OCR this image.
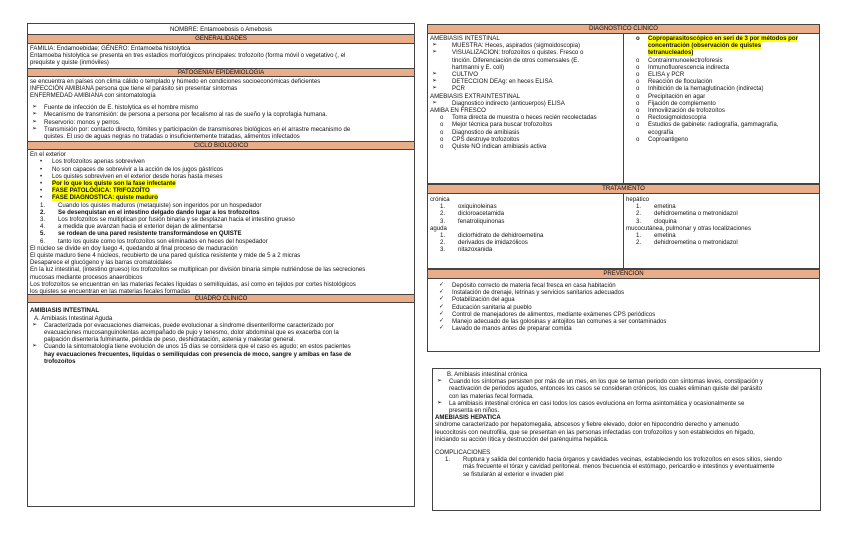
NOMBRE: Entamoebosis o Amebosis
GENERALIDADES
FAMILIA: Endamoebidae; GÉNERO: Entamoeba histolytica
Entamoeba histolytica se presenta en tres estadios morfológicos principales: trofozoíto (forma móvil o vegetativo (, el
prequiste y quiste (inmóviles)
PATOGENIA/ EPIDEMIOLOGIA
se encuentra en países con clima cálido o templado y húmedo en condiciones socioeconómicas deficientes
INFECCIÓN AMIBIANA persona que tiene el parásito sin presentar síntomas
ENFERMEDAD AMIBIANA con sintomatología
➢ Fuente de infección de E. histolytica es el hombre mismo
➢ Mecanismo de transmisión: de persona a persona por fecalismo al ras de sueño y la coprofagia humana.
➢ Reservorio: monos y perros.
➢ Transmisión por: contacto directo, fómites y participación de transmisores biológicos en el arrastre mecanismo de
quistes. El uso de aguas negras no tratadas o insuficientemente tratadas, alimentos infectados
CICLO BIOLOGICO
En el exterior
• Los trofozoítos apenas sobreviven
• No son capaces de sobrevivir a la acción de los jugos gástricos
• Los quistes sobreviven en el exterior desde horas hasta meses
• Por lo que los quiste son la fase infectante
• FASE PATOLÓGICA: TRIFOZOÍTO
• FASE DIAGNOSTICA: quiste maduro
1. Cuando los quistes maduros (metaquiste) son ingeridos por un hospedador
2. Se desenquistan en el intestino delgado dando lugar a los trofozoítos
3. Los trofozoítos se multiplican por fusión binaria y se desplazan hacia el intestino grueso
4. a medida que avanzan hacia el exterior dejan de alimentarse
5. se rodean de una pared resistente transformándose en QUISTE
6. tanto los quiste como los trofozoítos son eliminados en heces del hospedador
El núcleo se divide en doy luego 4, quedando al final proceso de maduración
El quiste maduro tiene 4 núcleos, recubierto de una pared quística resistente y mide de 5 a 2 micras
Desaparece el glucógeno y las barras cromatoidales
En la luz intestinal, (intestino grueso) los trofozoítos se multiplican por división binaria simple nutriéndose de las secreciones
mucosas mediante procesos anaeróbicos
Los trofozoítos se encuentran en las materias fecales líquidas o semilíquidas, así como en tejidos por cortes histológicos
los quistes se encuentran en las materias fecales formadas
CUADRO CLÍNICO
AMIBIASIS INTESTINAL
A. Amibiasis Intestinal Aguda
➢ Caracterizada por evacuaciones diarreicas, puede evolucionar a síndrome disenteriforme caracterizado por
evacuaciones mucosanguinolentas acompañado de pujo y tenesmo, dolor abdominal que es exacerba con la
palpación disentería fulminante, pérdida de peso, deshidratación, astenia y malestar general.
➢ Cuando la sintomatología tiene evolución de unos 15 días se considera que el caso es agudo; en estos pacientes
hay evacuaciones frecuentes, líquidas o semilíquidas con presencia de moco, sangre y amibas en fase de
trofozoítos
DIAGNÓSTICO CLÍNICO
AMEBIASIS INTESTINAL
➢ MUESTRA: Heces, aspirados (sigmoidoscopia)
➢ VISUALIZACION: trofozoítos o quistes. Fresco o
tinción. Diferenciación de otros comensales (E.
hartmanni y E. coli)
➢ CULTIVO
➢ DETECCION DEAg: en heces ELISA
➢ PCR
AMEBIASIS EXTRAINTESTINAL
➢ Diagnostico indirecto (anticuerpos) ELISA
AMIBA EN FRESCO
o Toma directa de muestra o heces recién recolectadas
o Mejor técnica para buscar trofozoítos
o Diagnostico de amibiasis
o CPS destruye trofozoitos
o Quiste NO indican amibiasis activa
o Coproparasitoscópico en seri de 3 por métodos por
concentración (observación de quistes
tetranucleados)
o Contrainmunoelectroforesis
o Inmunofluorescencia indirecta
o ELISA y PCR
o Reacción de floculación
o Inhibición de la hemaglutinación (indirecta)
o Precipitación en agar
o Fijación de complemento
o Inmovilización de trofozoítos
o Rectosigmoidoscopía
o Estudios de gabinete: radiografía, gammagrafía,
ecografía
o Coproantigeno
TRATAMIENTO
crónica
1. oxiquinoleinas
2. dicloroacetamida
3. fenatroliquinonas
aguda
1. diclorhidrato de dehidroemetina
2. derivados de imidazólicos
3. nitazoxanida
hepático
1. emetina
2. dehidroemetina o metronidazol
3. cloquina
mucocutánea, pulmonar y otras localizaciones
1. emetina
2. dehidroemetina o metronidazol
PREVENCIÓN
✓ Depósito correcto de materia fecal fresca en casa habitación
✓ Instalación de drenaje, letrinas y servicios sanitarios adecuados
✓ Potabilización del agua
✓ Educación sanitaria al pueblo
✓ Control de manejadores de alimentos, mediante exámenes CPS periódicos
✓ Manejo adecuado de las golosinas y antojitos tan comunes a ser contaminados
✓ Lavado de manos antes de preparar comida
B. Amibiasis intestinal crónica
➢ Cuando los síntomas persisten por más de un mes, en los que se ternan periodo con síntomas leves, constipación y
reactivación de periodos agudos, entonces los casos se consideran crónicos, los cuales eliminan quiste del parásito
con las materias fecal formada.
➢ La amibiasis intestinal crónica en casi todos los casos evoluciona en forma asintomática y ocasionalmente se
presenta en niños.
AMEBIASIS HEPATICA
síndrome caracterizado por hepatomegalia, abscesos y fiebre elevado, dolor en hipocondrio derecho y amenudo
leucocitosis con neutrofilia, que se presentan en las personas infectadas con trofozoítos y son establecidos en hígado,
iniciando su acción lítica y destrucción del parénquima hepática.
COMPLICACIONES
1. Ruptura y salida del contenido hacia órganos y cavidades vecinas, estableciendo los trofozoítos en esos sitios, siendo
más frecuente el tórax y cavidad peritoneal. menos frecuencia el estómago, pericardio e intestinos y eventualmente
se fistularán al exterior e invaden piel
